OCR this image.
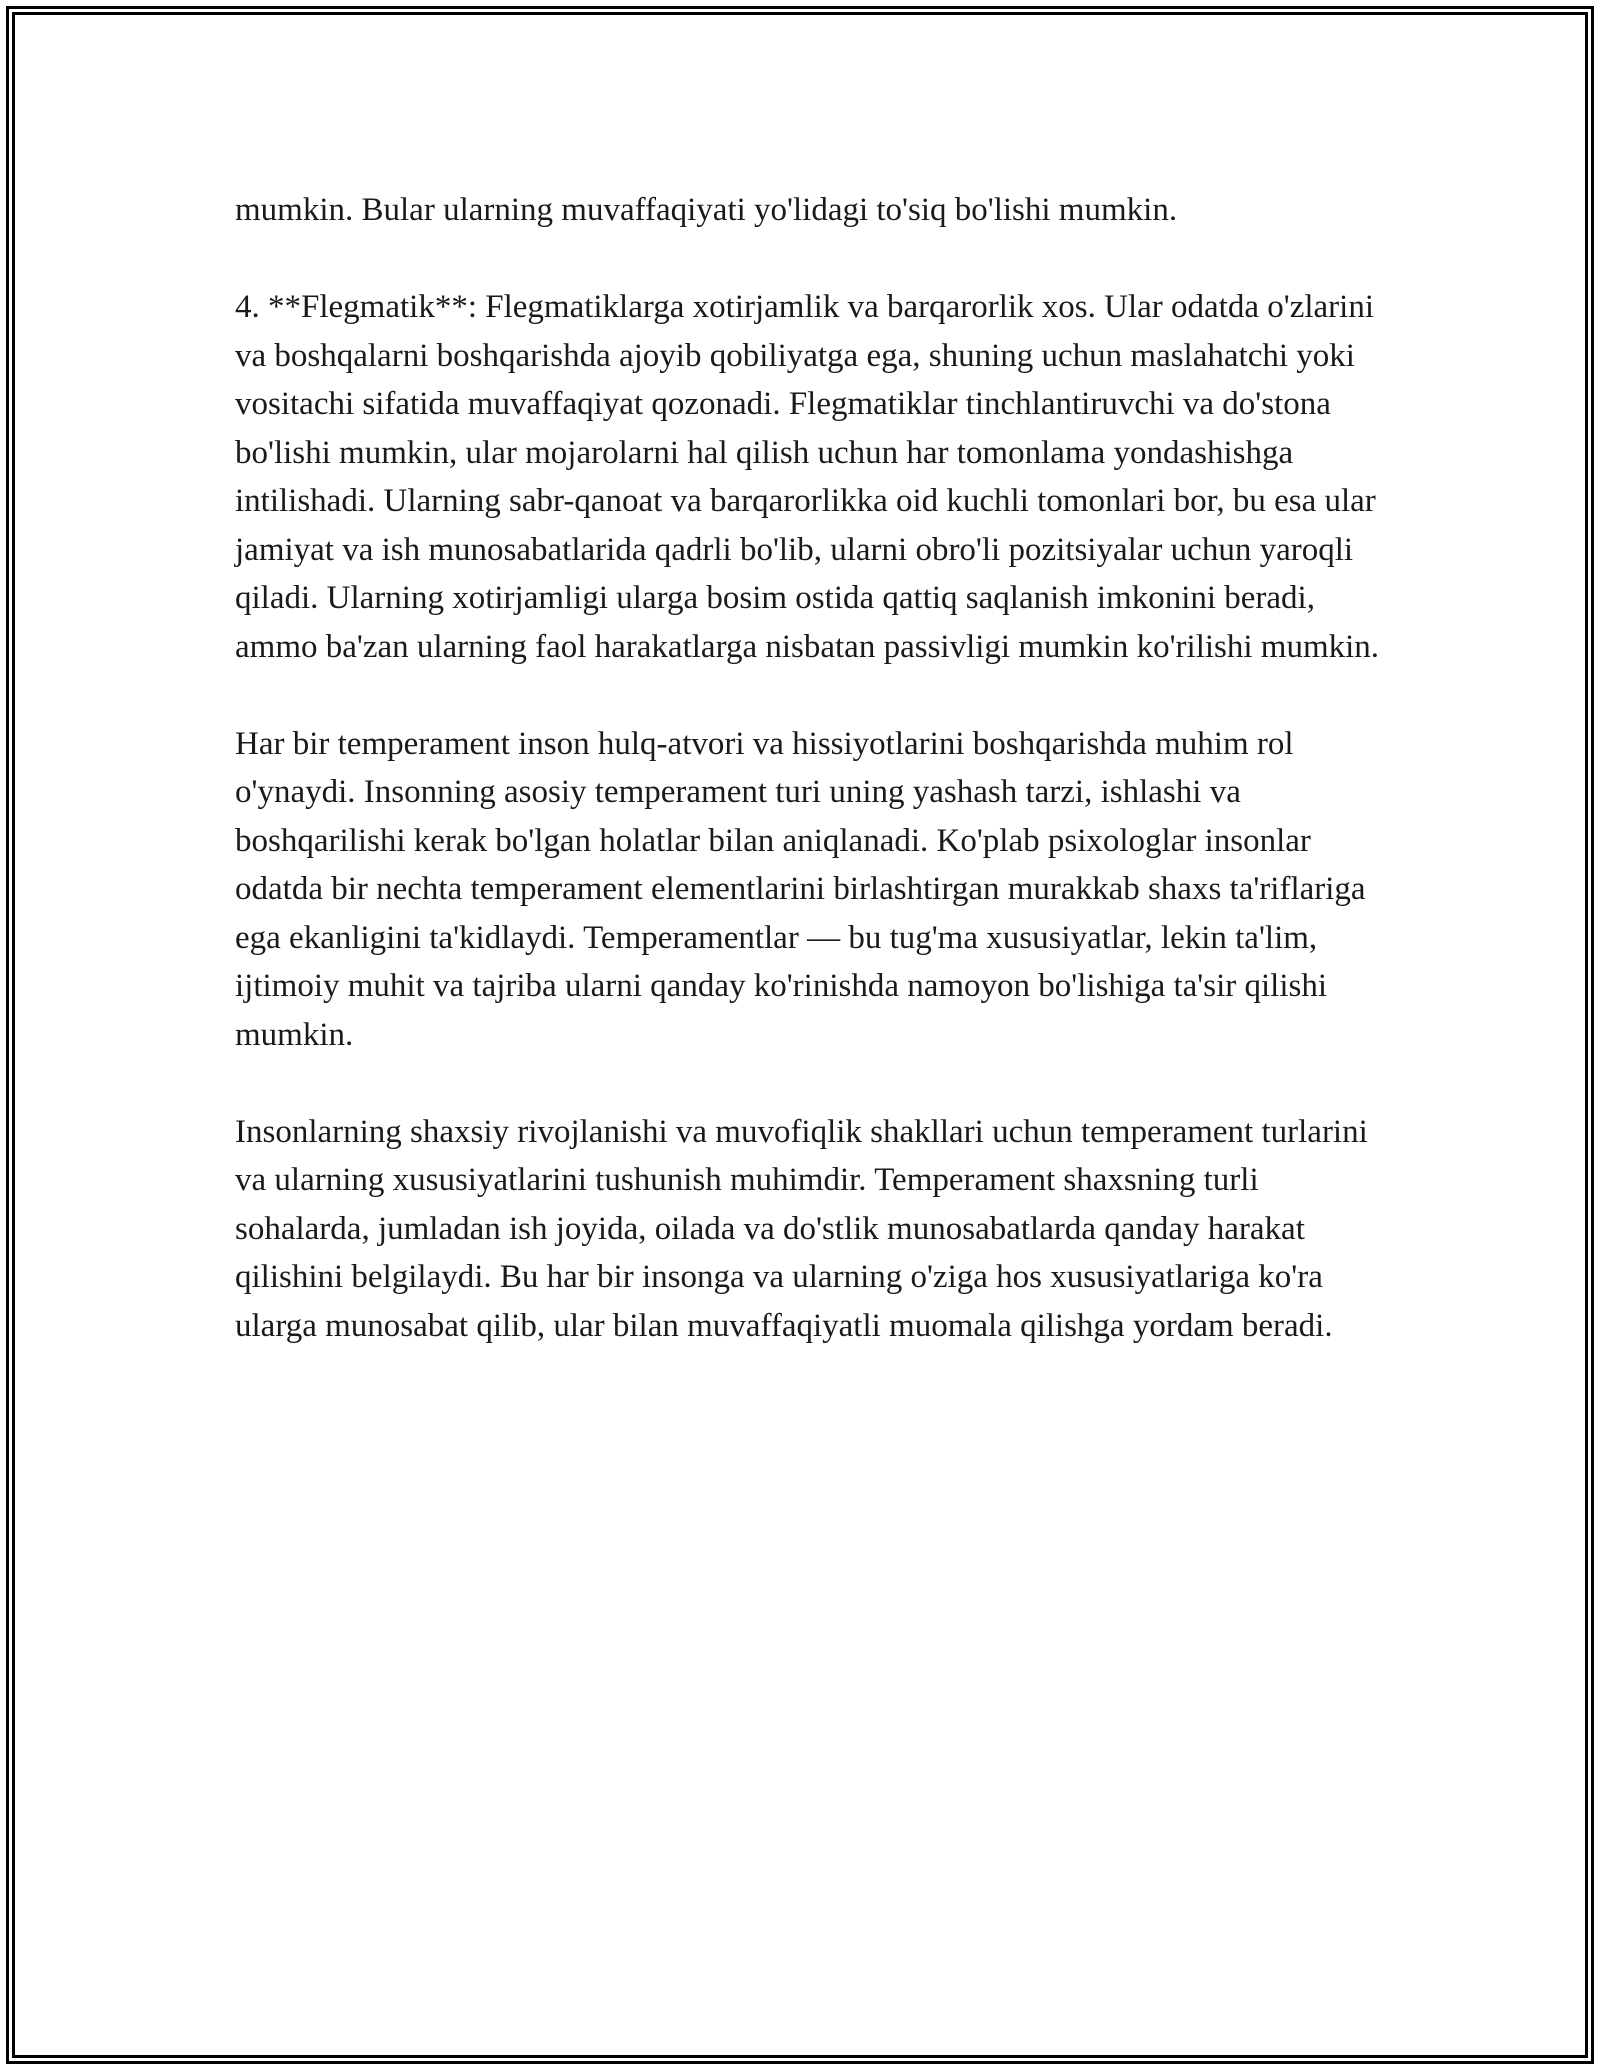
mumkin. Bular ularning muvaffaqiyati yo'lidagi to'siq bo'lishi mumkin.

4. **Flegmatik**: Flegmatiklarga xotirjamlik va barqarorlik xos. Ular odatda o'zlarini va boshqalarni boshqarishda ajoyib qobiliyatga ega, shuning uchun maslahatchi yoki vositachi sifatida muvaffaqiyat qozonadi. Flegmatiklar tinchlantiruvchi va do'stona bo'lishi mumkin, ular mojarolarni hal qilish uchun har tomonlama yondashishga intilishadi. Ularning sabr-qanoat va barqarorlikka oid kuchli tomonlari bor, bu esa ular jamiyat va ish munosabatlarida qadrli bo'lib, ularni obro'li pozitsiyalar uchun yaroqli qiladi. Ularning xotirjamligi ularga bosim ostida qattiq saqlanish imkonini beradi, ammo ba'zan ularning faol harakatlarga nisbatan passivligi mumkin ko'rilishi mumkin.

Har bir temperament inson hulq-atvori va hissiyotlarini boshqarishda muhim rol o'ynaydi. Insonning asosiy temperament turi uning yashash tarzi, ishlashi va boshqarilishi kerak bo'lgan holatlar bilan aniqlanadi. Ko'plab psixologlar insonlar odatda bir nechta temperament elementlarini birlashtirgan murakkab shaxs ta'riflariga ega ekanligini ta'kidlaydi. Temperamentlar — bu tug'ma xususiyatlar, lekin ta'lim, ijtimoiy muhit va tajriba ularni qanday ko'rinishda namoyon bo'lishiga ta'sir qilishi mumkin.

Insonlarning shaxsiy rivojlanishi va muvofiqlik shakllari uchun temperament turlarini va ularning xususiyatlarini tushunish muhimdir. Temperament shaxsning turli sohalarda, jumladan ish joyida, oilada va do'stlik munosabatlarda qanday harakat qilishini belgilaydi. Bu har bir insonga va ularning o'ziga hos xususiyatlariga ko'ra ularga munosabat qilib, ular bilan muvaffaqiyatli muomala qilishga yordam beradi.
